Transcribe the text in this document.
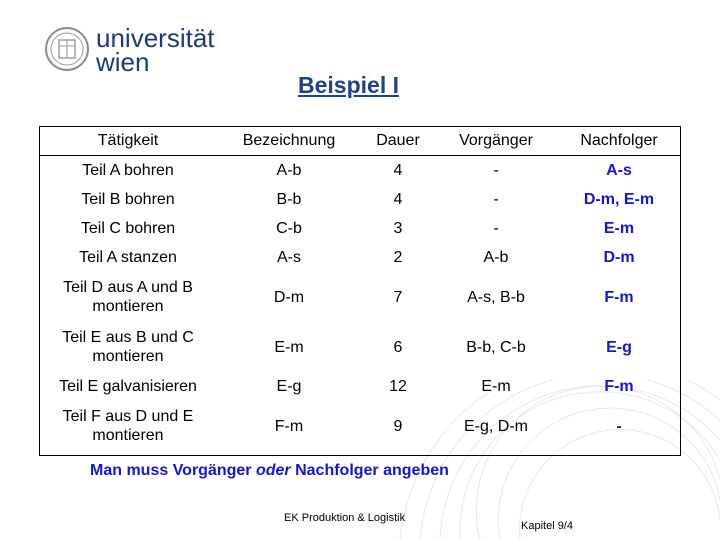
universität
wien
Beispiel I
Tätigkeit	Bezeichnung	Dauer	Vorgänger	Nachfolger
Teil A bohren	A-b	4	-	A-s
Teil B bohren	B-b	4	-	D-m, E-m
Teil C bohren	C-b	3	-	E-m
Teil A stanzen	A-s	2	A-b	D-m
Teil D aus A und B montieren	D-m	7	A-s, B-b	F-m
Teil E aus B und C montieren	E-m	6	B-b, C-b	E-g
Teil E galvanisieren	E-g	12	E-m	F-m
Teil F aus D und E montieren	F-m	9	E-g, D-m	-
Man muss Vorgänger oder Nachfolger angeben
EK Produktion & Logistik
Kapitel 9/4
